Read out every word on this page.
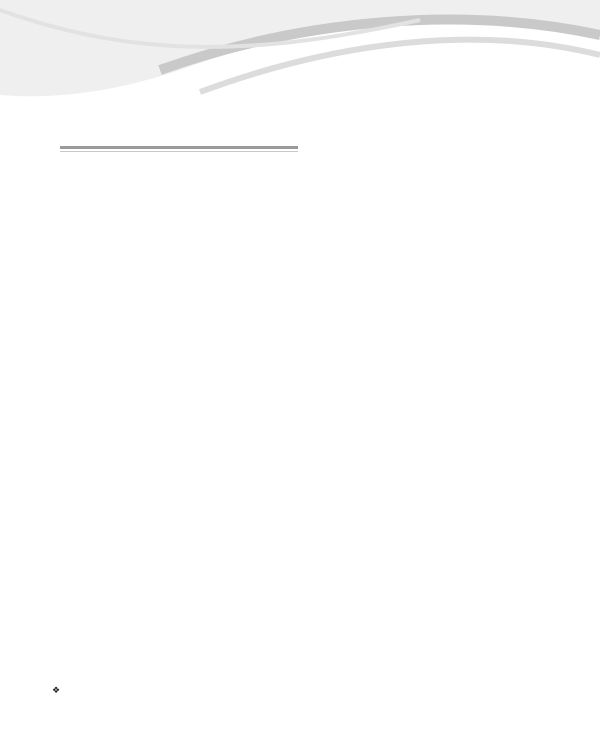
❖
